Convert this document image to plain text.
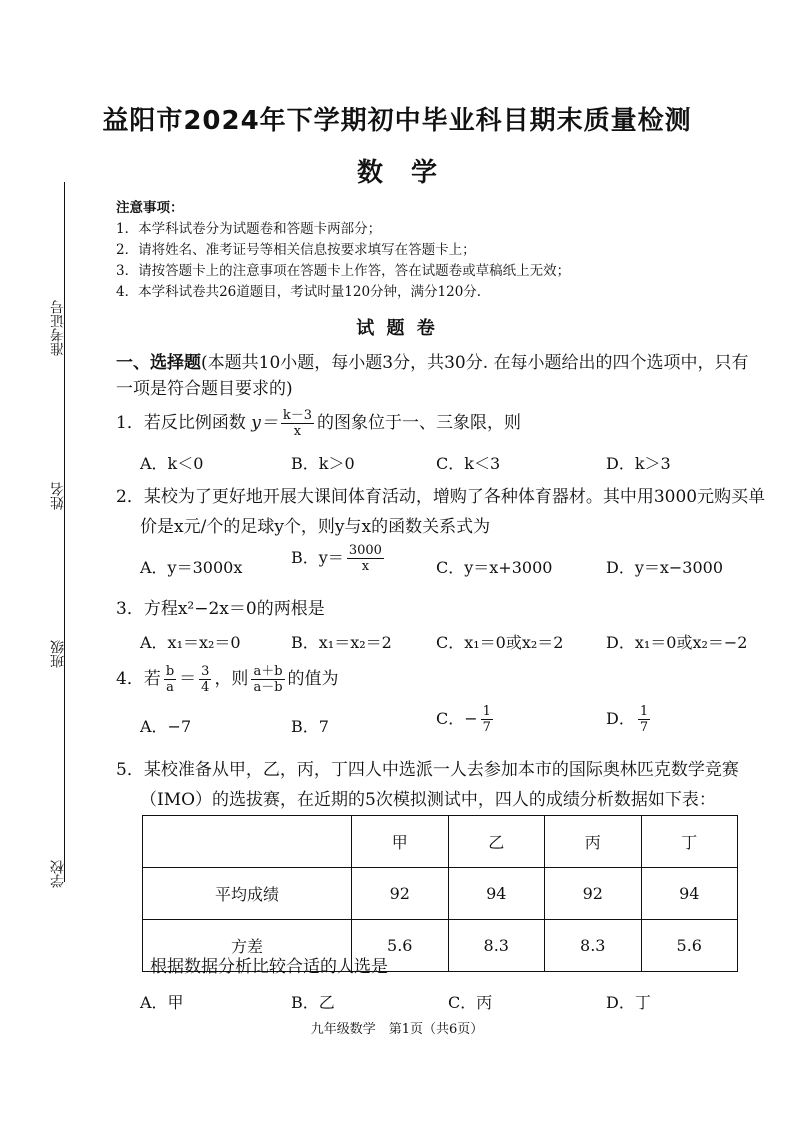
准考证号
姓名
班级
学校
益阳市2024年下学期初中毕业科目期末质量检测
数学
注意事项：
1．本学科试卷分为试题卷和答题卡两部分；
2．请将姓名、准考证号等相关信息按要求填写在答题卡上；
3．请按答题卡上的注意事项在答题卡上作答，答在试题卷或草稿纸上无效；
4．本学科试卷共26道题目，考试时量120分钟，满分120分.
试 题 卷
一、选择题(本题共10小题，每小题3分，共30分. 在每小题给出的四个选项中，只有一项是符合题目要求的)
1．若反比例函数 $y= \frac{k-3}{x}$ 的图象位于一、三象限，则
A．k＜0	B．k＞0	C．k＜3	D．k＞3
2．某校为了更好地开展大课间体育活动，增购了各种体育器材。其中用3000元购买单价是x元/个的足球y个，则y与x的函数关系式为
A．y＝3000x
B．$y= \frac{3000}{x}$	C．y＝x+3000	D．y＝x−3000
3．方程x²−2x＝0的两根是
A．x₁＝x₂＝0	B．x₁＝x₂＝2	C．x₁＝0或x₂＝2	D．x₁＝0或x₂＝−2
4．若 $\frac{b}{a} = \frac{3}{4}$ ，则 $\frac{a+b}{a-b}$ 的值为
A．−7	B．7	C．− $\frac{1}{7}$	D． $\frac{1}{7}$
5．某校准备从甲，乙，丙，丁四人中选派一人去参加本市的国际奥林匹克数学竞赛（IMO）的选拔赛，在近期的5次模拟测试中，四人的成绩分析数据如下表：
	甲	乙	丙	丁
平均成绩	92	94	92	94
方差	5.6	8.3	8.3	5.6
根据数据分析比较合适的人选是
A．甲	B．乙	C．丙	D．丁
九年级数学　第1页（共6页）
